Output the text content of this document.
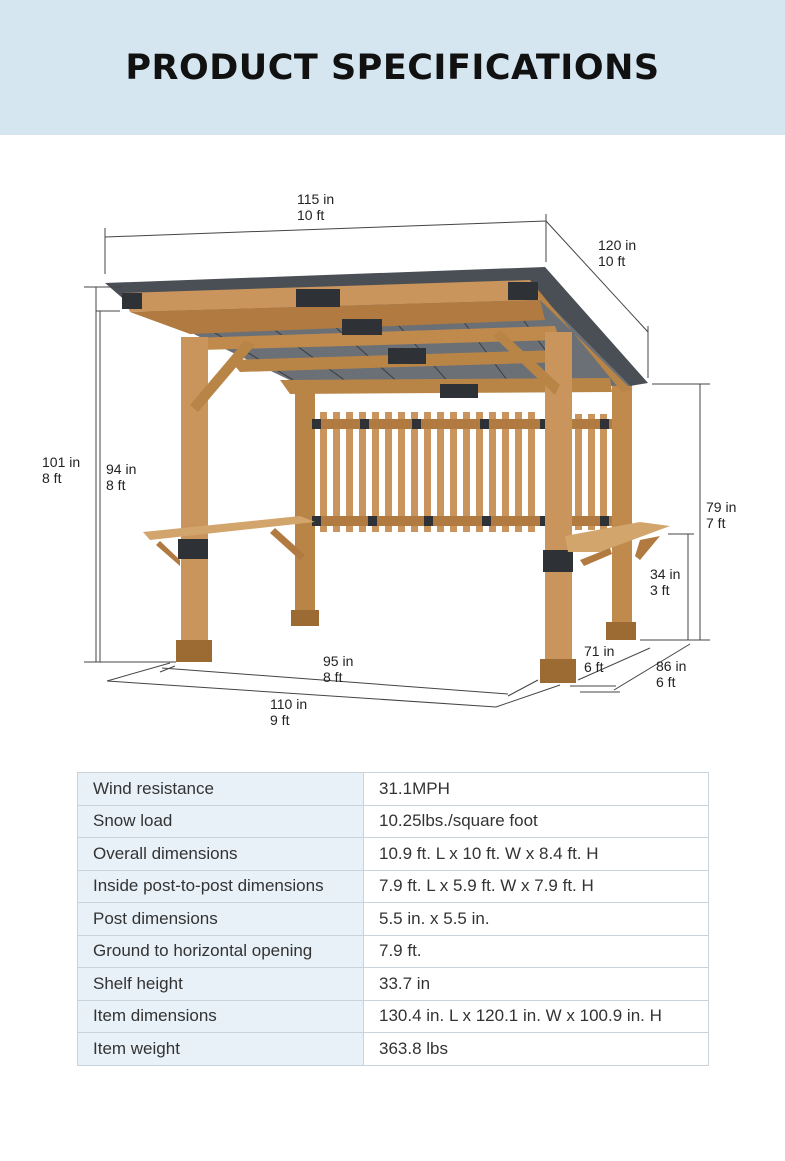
PRODUCT SPECIFICATIONS
115 in
10 ft
120 in
10 ft
101 in
8 ft
94 in
8 ft
79 in
7 ft
34 in
3 ft
95 in
8 ft
110 in
9 ft
71 in
6 ft	86 in
6 ft
Wind resistance	31.1MPH
Snow load	10.25lbs./square foot
Overall dimensions	10.9 ft. L x 10 ft. W x 8.4 ft. H
Inside post-to-post dimensions	7.9 ft. L x 5.9 ft. W x 7.9 ft. H
Post dimensions	5.5 in. x 5.5 in.
Ground to horizontal opening	7.9 ft.
Shelf height	33.7 in
Item dimensions	130.4 in. L x 120.1 in. W x 100.9 in. H
Item weight	363.8 lbs
